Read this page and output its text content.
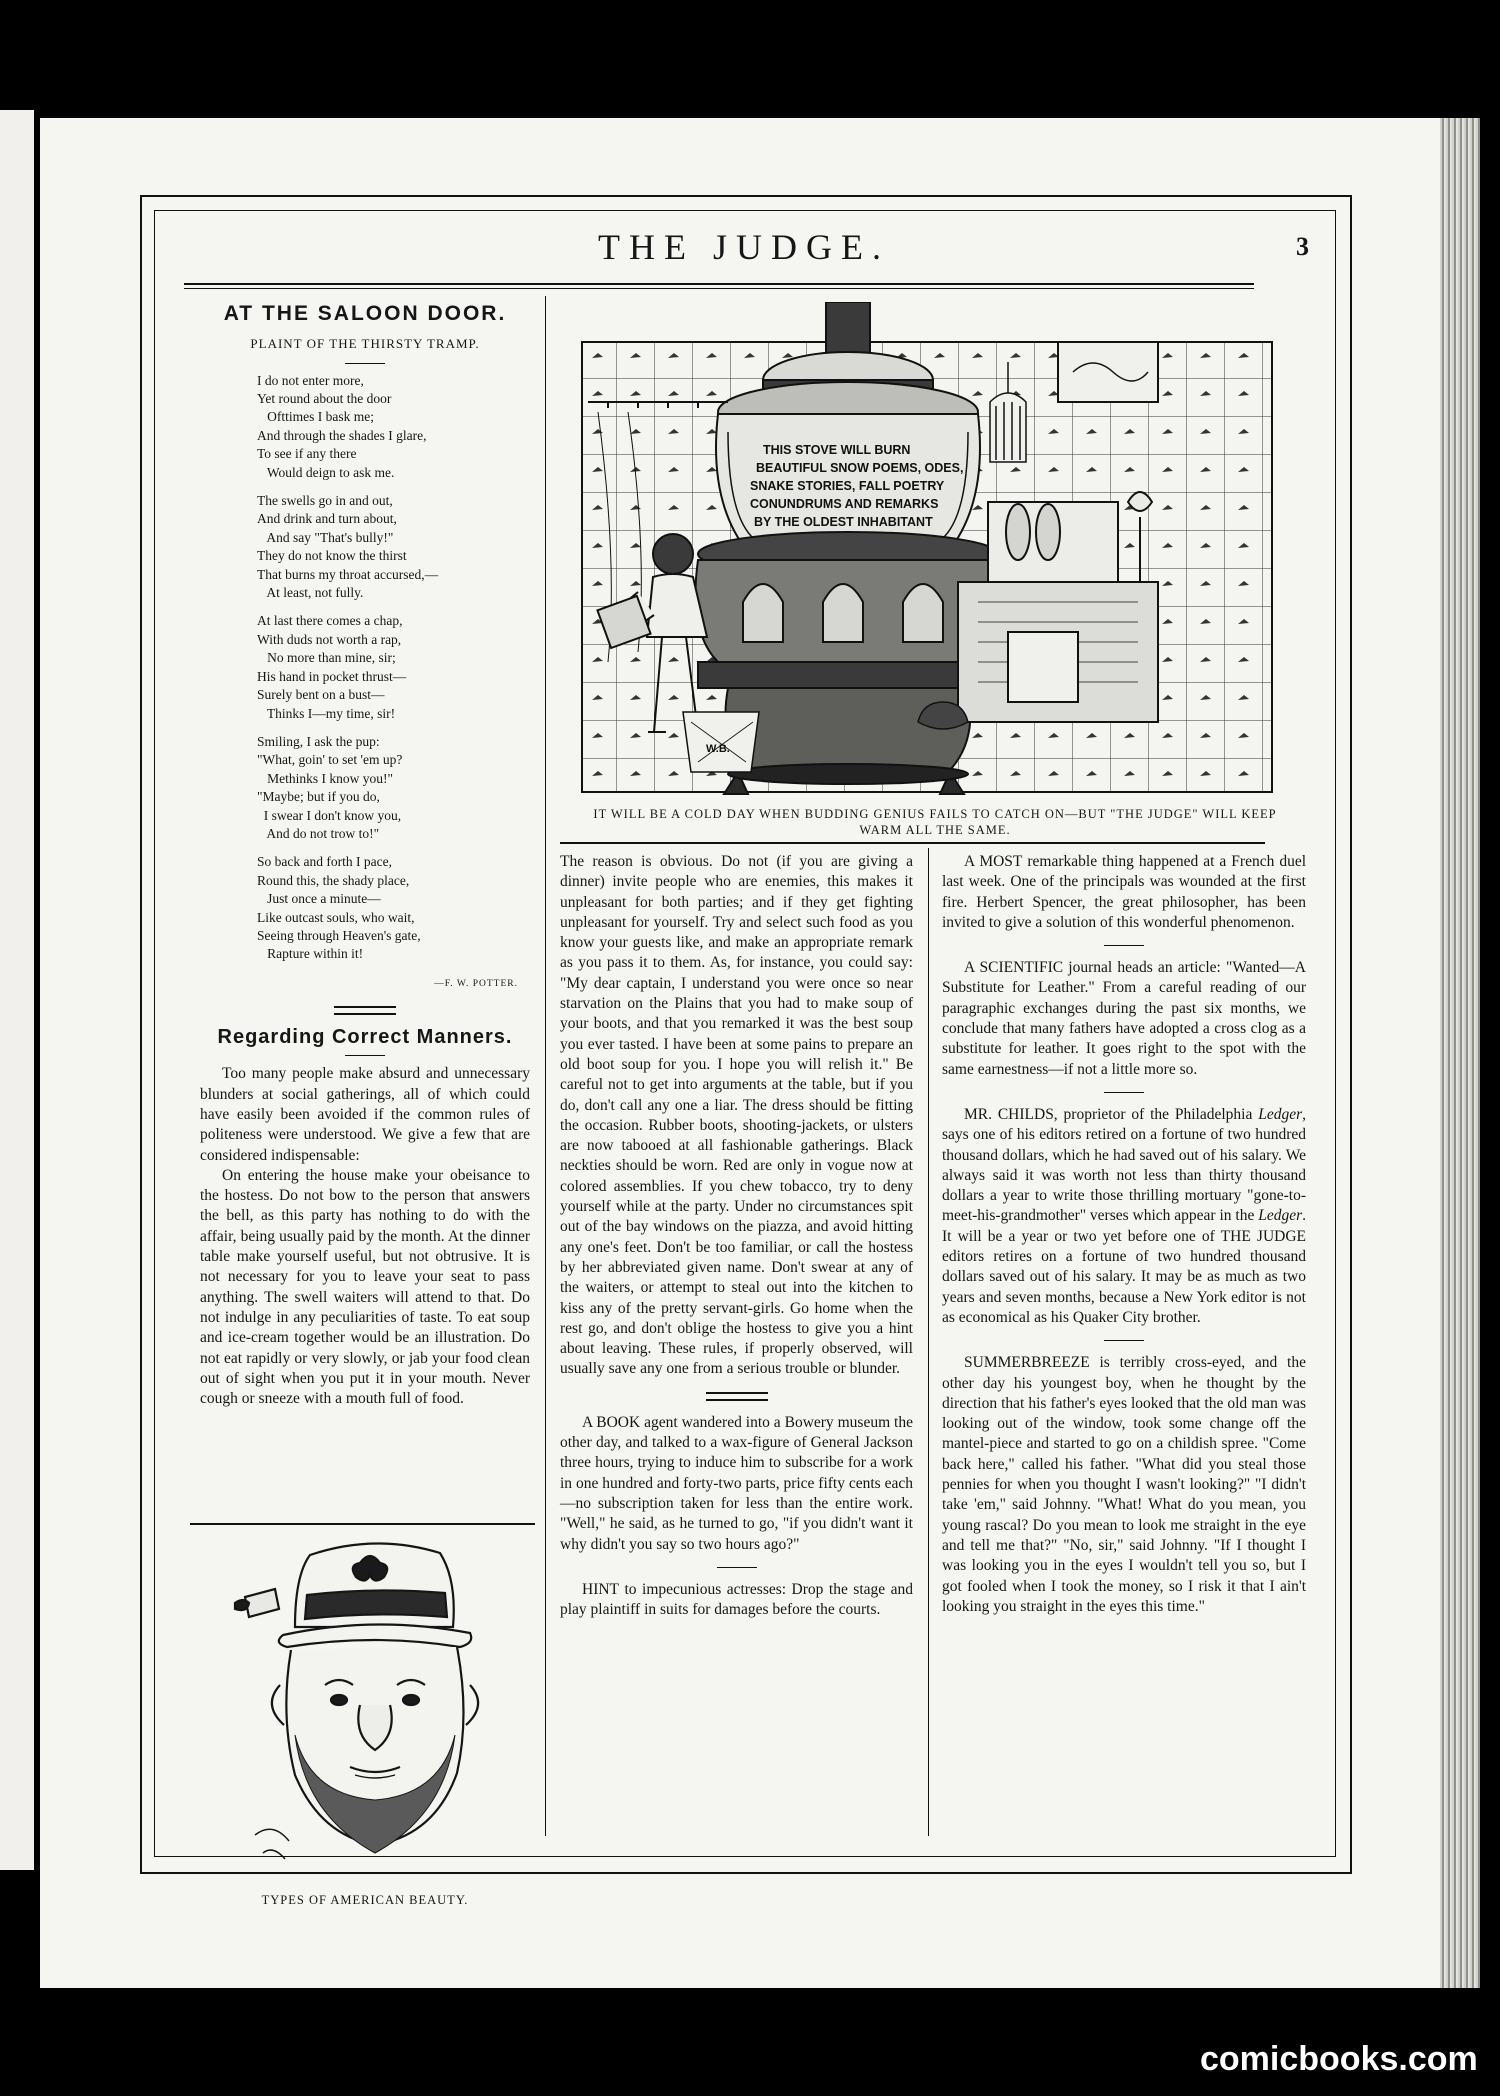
THE JUDGE.	3
AT THE SALOON DOOR.
PLAINT OF THE THIRSTY TRAMP.
I do not enter more,
Yet round about the door
Ofttimes I bask me;
And through the shades I glare,
To see if any there
Would deign to ask me.
The swells go in and out,
And drink and turn about,
And say "That's bully!"
They do not know the thirst
That burns my throat accursed,—
At least, not fully.
At last there comes a chap,
With duds not worth a rap,
No more than mine, sir;
His hand in pocket thrust—
Surely bent on a bust—
Thinks I—my time, sir!
Smiling, I ask the pup:
"What, goin' to set 'em up?
Methinks I know you!"
"Maybe; but if you do,
I swear I don't know you,
And do not trow to!"
So back and forth I pace,
Round this, the shady place,
Just once a minute—
Like outcast souls, who wait,
Seeing through Heaven's gate,
Rapture within it!
—F. W. POTTER.
Regarding Correct Manners.

Too many people make absurd and unnecessary blunders at social gatherings, all of which could have easily been avoided if the common rules of politeness were understood. We give a few that are considered indispensable:

On entering the house make your obeisance to the hostess. Do not bow to the person that answers the bell, as this party has nothing to do with the affair, being usually paid by the month. At the dinner table make yourself useful, but not obtrusive. It is not necessary for you to leave your seat to pass anything. The swell waiters will attend to that. Do not indulge in any peculiarities of taste. To eat soup and ice-cream together would be an illustration. Do not eat rapidly or very slowly, or jab your food clean out of sight when you put it in your mouth. Never cough or sneeze with a mouth full of food.

TYPES OF AMERICAN BEAUTY.
W.B.
THIS STOVE WILL BURN
BEAUTIFUL SNOW POEMS, ODES,
SNAKE STORIES, FALL POETRY
CONUNDRUMS AND REMARKS
BY THE OLDEST INHABITANT
IT WILL BE A COLD DAY WHEN BUDDING GENIUS FAILS TO CATCH ON—BUT "THE JUDGE" WILL KEEP WARM ALL THE SAME.

The reason is obvious. Do not (if you are giving a dinner) invite people who are enemies, this makes it unpleasant for both parties; and if they get fighting unpleasant for yourself. Try and select such food as you know your guests like, and make an appropriate remark as you pass it to them. As, for instance, you could say: "My dear captain, I understand you were once so near starvation on the Plains that you had to make soup of your boots, and that you remarked it was the best soup you ever tasted. I have been at some pains to prepare an old boot soup for you. I hope you will relish it." Be careful not to get into arguments at the table, but if you do, don't call any one a liar. The dress should be fitting the occasion. Rubber boots, shooting-jackets, or ulsters are now tabooed at all fashionable gatherings. Black neckties should be worn. Red are only in vogue now at colored assemblies. If you chew tobacco, try to deny yourself while at the party. Under no circumstances spit out of the bay windows on the piazza, and avoid hitting any one's feet. Don't be too familiar, or call the hostess by her abbreviated given name. Don't swear at any of the waiters, or attempt to steal out into the kitchen to kiss any of the pretty servant-girls. Go home when the rest go, and don't oblige the hostess to give you a hint about leaving. These rules, if properly observed, will usually save any one from a serious trouble or blunder.

A BOOK agent wandered into a Bowery museum the other day, and talked to a wax-figure of General Jackson three hours, trying to induce him to subscribe for a work in one hundred and forty-two parts, price fifty cents each—no subscription taken for less than the entire work. "Well," he said, as he turned to go, "if you didn't want it why didn't you say so two hours ago?"

HINT to impecunious actresses: Drop the stage and play plaintiff in suits for damages before the courts.

A MOST remarkable thing happened at a French duel last week. One of the principals was wounded at the first fire. Herbert Spencer, the great philosopher, has been invited to give a solution of this wonderful phenomenon.

A SCIENTIFIC journal heads an article: "Wanted—A Substitute for Leather." From a careful reading of our paragraphic exchanges during the past six months, we conclude that many fathers have adopted a cross clog as a substitute for leather. It goes right to the spot with the same earnestness—if not a little more so.

MR. CHILDS, proprietor of the Philadelphia Ledger, says one of his editors retired on a fortune of two hundred thousand dollars, which he had saved out of his salary. We always said it was worth not less than thirty thousand dollars a year to write those thrilling mortuary "gone-to-meet-his-grandmother" verses which appear in the Ledger. It will be a year or two yet before one of THE JUDGE editors retires on a fortune of two hundred thousand dollars saved out of his salary. It may be as much as two years and seven months, because a New York editor is not as economical as his Quaker City brother.

SUMMERBREEZE is terribly cross-eyed, and the other day his youngest boy, when he thought by the direction that his father's eyes looked that the old man was looking out of the window, took some change off the mantel-piece and started to go on a childish spree. "Come back here," called his father. "What did you steal those pennies for when you thought I wasn't looking?" "I didn't take 'em," said Johnny. "What! What do you mean, you young rascal? Do you mean to look me straight in the eye and tell me that?" "No, sir," said Johnny. "If I thought I was looking you in the eyes I wouldn't tell you so, but I got fooled when I took the money, so I risk it that I ain't looking you straight in the eyes this time."

comicbooks.com
